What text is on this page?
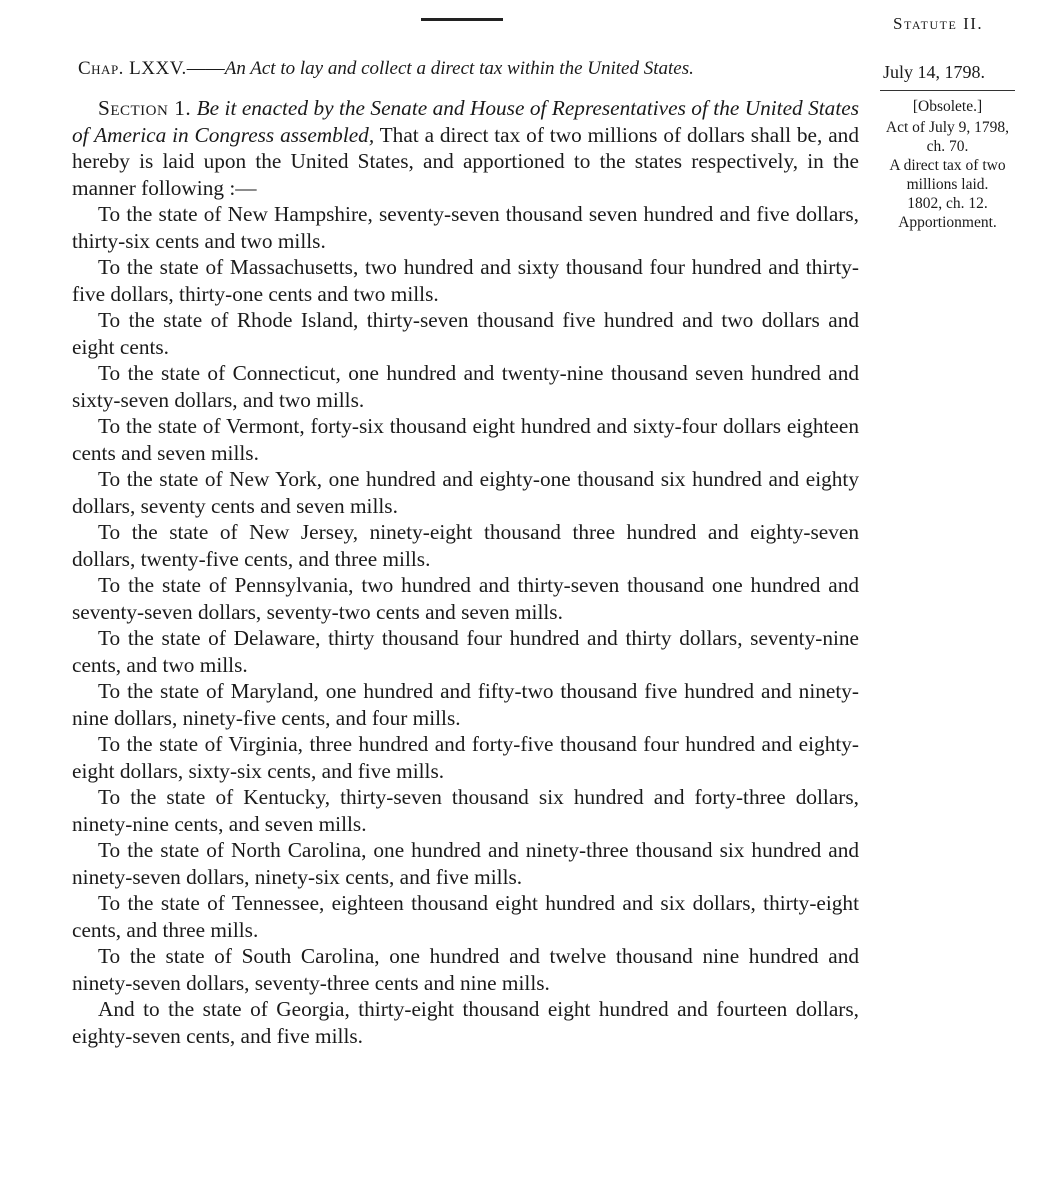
Statute II.
Chap. LXXV.——An Act to lay and collect a direct tax within the United States.	July 14, 1798.
[Obsolete.]
Act of July 9, 1798, ch. 70.
A direct tax of two millions laid.
1802, ch. 12.
Apportionment.

Section 1. Be it enacted by the Senate and House of Representatives of the United States of America in Congress assembled, That a direct tax of two millions of dollars shall be, and hereby is laid upon the United States, and apportioned to the states respectively, in the manner following :—

To the state of New Hampshire, seventy-seven thousand seven hundred and five dollars, thirty-six cents and two mills.

To the state of Massachusetts, two hundred and sixty thousand four hundred and thirty-five dollars, thirty-one cents and two mills.

To the state of Rhode Island, thirty-seven thousand five hundred and two dollars and eight cents.

To the state of Connecticut, one hundred and twenty-nine thousand seven hundred and sixty-seven dollars, and two mills.

To the state of Vermont, forty-six thousand eight hundred and sixty-four dollars eighteen cents and seven mills.

To the state of New York, one hundred and eighty-one thousand six hundred and eighty dollars, seventy cents and seven mills.

To the state of New Jersey, ninety-eight thousand three hundred and eighty-seven dollars, twenty-five cents, and three mills.

To the state of Pennsylvania, two hundred and thirty-seven thousand one hundred and seventy-seven dollars, seventy-two cents and seven mills.

To the state of Delaware, thirty thousand four hundred and thirty dollars, seventy-nine cents, and two mills.

To the state of Maryland, one hundred and fifty-two thousand five hundred and ninety-nine dollars, ninety-five cents, and four mills.

To the state of Virginia, three hundred and forty-five thousand four hundred and eighty-eight dollars, sixty-six cents, and five mills.

To the state of Kentucky, thirty-seven thousand six hundred and forty-three dollars, ninety-nine cents, and seven mills.

To the state of North Carolina, one hundred and ninety-three thousand six hundred and ninety-seven dollars, ninety-six cents, and five mills.

To the state of Tennessee, eighteen thousand eight hundred and six dollars, thirty-eight cents, and three mills.

To the state of South Carolina, one hundred and twelve thousand nine hundred and ninety-seven dollars, seventy-three cents and nine mills.

And to the state of Georgia, thirty-eight thousand eight hundred and fourteen dollars, eighty-seven cents, and five mills.
